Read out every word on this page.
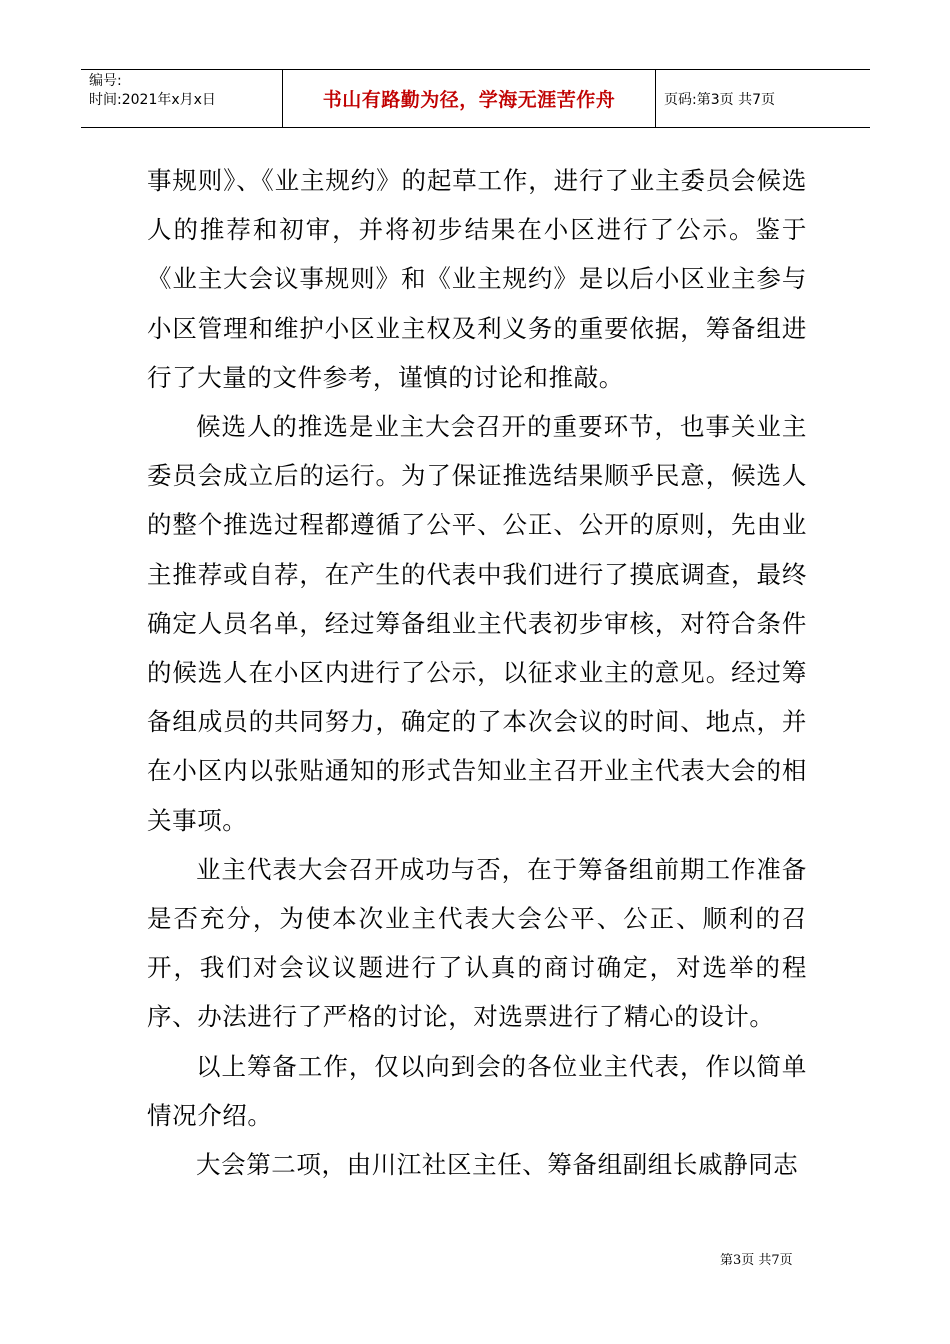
编号:
时间:2021年x月x日	书山有路勤为径，学海无涯苦作舟	页码:第3页 共7页

事规则》、《业主规约》的起草工作，进行了业主委员会候选人的推荐和初审，并将初步结果在小区进行了公示。鉴于《业主大会议事规则》和《业主规约》是以后小区业主参与小区管理和维护小区业主权及利义务的重要依据，筹备组进行了大量的文件参考，谨慎的讨论和推敲。

候选人的推选是业主大会召开的重要环节，也事关业主委员会成立后的运行。为了保证推选结果顺乎民意，候选人的整个推选过程都遵循了公平、公正、公开的原则，先由业主推荐或自荐，在产生的代表中我们进行了摸底调查，最终确定人员名单，经过筹备组业主代表初步审核，对符合条件的候选人在小区内进行了公示，以征求业主的意见。经过筹备组成员的共同努力，确定的了本次会议的时间、地点，并在小区内以张贴通知的形式告知业主召开业主代表大会的相关事项。

业主代表大会召开成功与否，在于筹备组前期工作准备是否充分，为使本次业主代表大会公平、公正、顺利的召开，我们对会议议题进行了认真的商讨确定，对选举的程序、办法进行了严格的讨论，对选票进行了精心的设计。

以上筹备工作，仅以向到会的各位业主代表，作以简单情况介绍。

大会第二项，由川江社区主任、筹备组副组长戚静同志

第3页 共7页
